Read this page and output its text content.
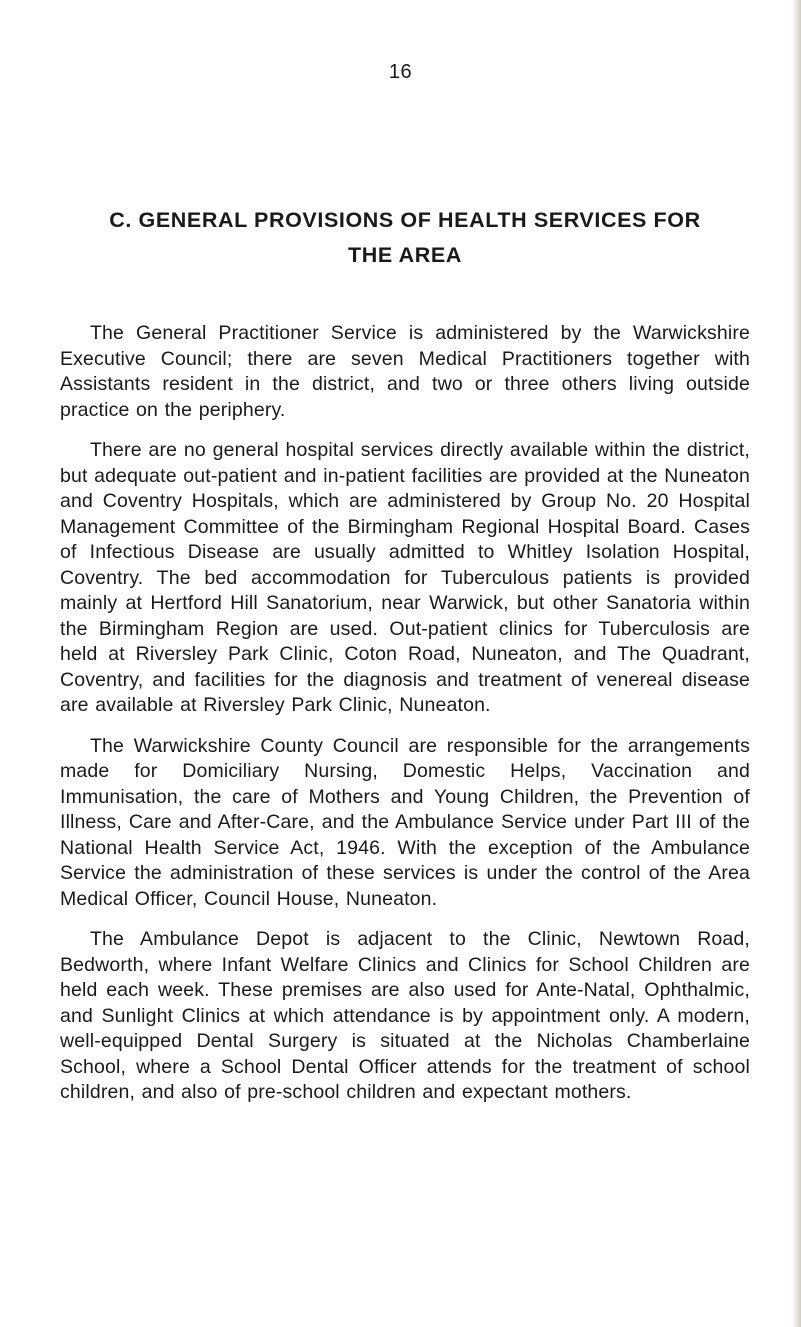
16
C. GENERAL PROVISIONS OF HEALTH SERVICES FOR
THE AREA

The General Practitioner Service is administered by the Warwickshire Executive Council; there are seven Medical Practitioners together with Assistants resident in the district, and two or three others living outside practice on the periphery.

There are no general hospital services directly available within the district, but adequate out-patient and in-patient facilities are provided at the Nuneaton and Coventry Hospitals, which are administered by Group No. 20 Hospital Management Committee of the Birmingham Regional Hospital Board. Cases of Infectious Disease are usually admitted to Whitley Isolation Hospital, Coventry. The bed accommodation for Tuberculous patients is provided mainly at Hertford Hill Sanatorium, near Warwick, but other Sanatoria within the Birmingham Region are used. Out-patient clinics for Tuberculosis are held at Riversley Park Clinic, Coton Road, Nuneaton, and The Quadrant, Coventry, and facilities for the diagnosis and treatment of venereal disease are available at Riversley Park Clinic, Nuneaton.

The Warwickshire County Council are responsible for the arrangements made for Domiciliary Nursing, Domestic Helps, Vaccination and Immunisation, the care of Mothers and Young Children, the Prevention of Illness, Care and After-Care, and the Ambulance Service under Part III of the National Health Service Act, 1946. With the exception of the Ambulance Service the administration of these services is under the control of the Area Medical Officer, Council House, Nuneaton.

The Ambulance Depot is adjacent to the Clinic, Newtown Road, Bedworth, where Infant Welfare Clinics and Clinics for School Children are held each week. These premises are also used for Ante-Natal, Ophthalmic, and Sunlight Clinics at which attendance is by appointment only. A modern, well-equipped Dental Surgery is situated at the Nicholas Chamberlaine School, where a School Dental Officer attends for the treatment of school children, and also of pre-school children and expectant mothers.
